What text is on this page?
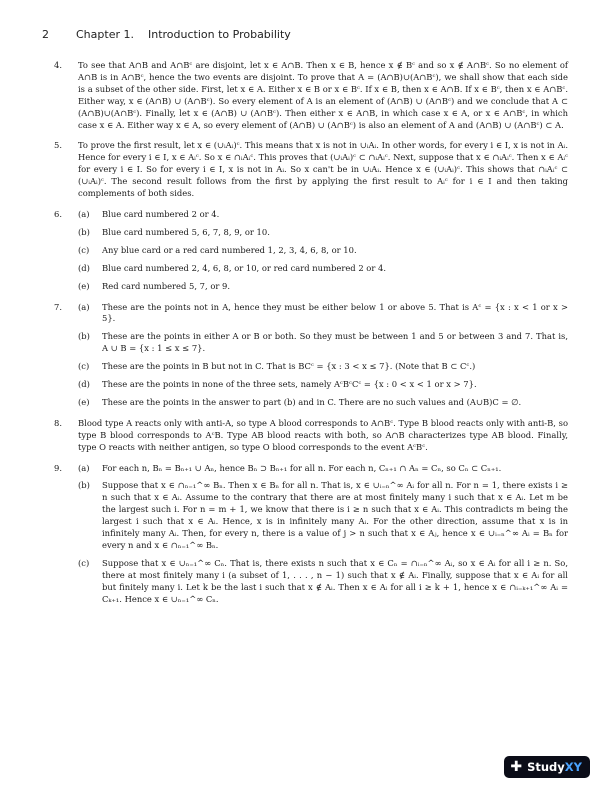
2 Chapter 1. Introduction to Probability
4. To see that A∩B and A∩Bᶜ are disjoint, let x ∈ A∩B. Then x ∈ B, hence x ∉ Bᶜ and so x ∉ A∩Bᶜ. So no element of A∩B is in A∩Bᶜ, hence the two events are disjoint. To prove that A = (A∩B)∪(A∩Bᶜ), we shall show that each side is a subset of the other side. First, let x ∈ A. Either x ∈ B or x ∈ Bᶜ. If x ∈ B, then x ∈ A∩B. If x ∈ Bᶜ, then x ∈ A∩Bᶜ. Either way, x ∈ (A∩B) ∪ (A∩Bᶜ). So every element of A is an element of (A∩B) ∪ (A∩Bᶜ) and we conclude that A ⊂ (A∩B)∪(A∩Bᶜ). Finally, let x ∈ (A∩B) ∪ (A∩Bᶜ). Then either x ∈ A∩B, in which case x ∈ A, or x ∈ A∩Bᶜ, in which case x ∈ A. Either way x ∈ A, so every element of (A∩B) ∪ (A∩Bᶜ) is also an element of A and (A∩B) ∪ (A∩Bᶜ) ⊂ A.
5. To prove the first result, let x ∈ (∪ᵢAᵢ)ᶜ. This means that x is not in ∪ᵢAᵢ. In other words, for every i ∈ I, x is not in Aᵢ. Hence for every i ∈ I, x ∈ Aᵢᶜ. So x ∈ ∩ᵢAᵢᶜ. This proves that (∪ᵢAᵢ)ᶜ ⊂ ∩ᵢAᵢᶜ. Next, suppose that x ∈ ∩ᵢAᵢᶜ. Then x ∈ Aᵢᶜ for every i ∈ I. So for every i ∈ I, x is not in Aᵢ. So x can't be in ∪ᵢAᵢ. Hence x ∈ (∪ᵢAᵢ)ᶜ. This shows that ∩ᵢAᵢᶜ ⊂ (∪ᵢAᵢ)ᶜ. The second result follows from the first by applying the first result to Aᵢᶜ for i ∈ I and then taking complements of both sides.
6. (a) Blue card numbered 2 or 4.
(b) Blue card numbered 5, 6, 7, 8, 9, or 10.
(c) Any blue card or a red card numbered 1, 2, 3, 4, 6, 8, or 10.
(d) Blue card numbered 2, 4, 6, 8, or 10, or red card numbered 2 or 4.
(e) Red card numbered 5, 7, or 9.
7. (a) These are the points not in A, hence they must be either below 1 or above 5. That is Aᶜ = {x : x < 1 or x > 5}.
(b) These are the points in either A or B or both. So they must be between 1 and 5 or between 3 and 7. That is, A ∪ B = {x : 1 ≤ x ≤ 7}.
(c) These are the points in B but not in C. That is BCᶜ = {x : 3 < x ≤ 7}. (Note that B ⊂ Cᶜ.)
(d) These are the points in none of the three sets, namely AᶜBᶜCᶜ = {x : 0 < x < 1 or x > 7}.
(e) These are the points in the answer to part (b) and in C. There are no such values and (A∪B)C = ∅.
8. Blood type A reacts only with anti-A, so type A blood corresponds to A∩Bᶜ. Type B blood reacts only with anti-B, so type B blood corresponds to AᶜB. Type AB blood reacts with both, so A∩B characterizes type AB blood. Finally, type O reacts with neither antigen, so type O blood corresponds to the event AᶜBᶜ.
9. (a) For each n, Bₙ = Bₙ₊₁ ∪ Aₙ, hence Bₙ ⊃ Bₙ₊₁ for all n. For each n, Cₙ₊₁ ∩ Aₙ = Cₙ, so Cₙ ⊂ Cₙ₊₁.
(b) Suppose that x ∈ ∩ₙ₌₁^∞ Bₙ. Then x ∈ Bₙ for all n. That is, x ∈ ∪ᵢ₌ₙ^∞ Aᵢ for all n. For n = 1, there exists i ≥ n such that x ∈ Aᵢ. Assume to the contrary that there are at most finitely many i such that x ∈ Aᵢ. Let m be the largest such i. For n = m + 1, we know that there is i ≥ n such that x ∈ Aᵢ. This contradicts m being the largest i such that x ∈ Aᵢ. Hence, x is in infinitely many Aᵢ. For the other direction, assume that x is in infinitely many Aᵢ. Then, for every n, there is a value of j > n such that x ∈ Aⱼ, hence x ∈ ∪ᵢ₌ₙ^∞ Aᵢ = Bₙ for every n and x ∈ ∩ₙ₌₁^∞ Bₙ.
(c) Suppose that x ∈ ∪ₙ₌₁^∞ Cₙ. That is, there exists n such that x ∈ Cₙ = ∩ᵢ₌ₙ^∞ Aᵢ, so x ∈ Aᵢ for all i ≥ n. So, there at most finitely many i (a subset of 1, . . . , n − 1) such that x ∉ Aᵢ. Finally, suppose that x ∈ Aᵢ for all but finitely many i. Let k be the last i such that x ∉ Aᵢ. Then x ∈ Aᵢ for all i ≥ k + 1, hence x ∈ ∩ᵢ₌ₖ₊₁^∞ Aᵢ = Cₖ₊₁. Hence x ∈ ∪ₙ₌₁^∞ Cₙ.
✚ StudyXY
